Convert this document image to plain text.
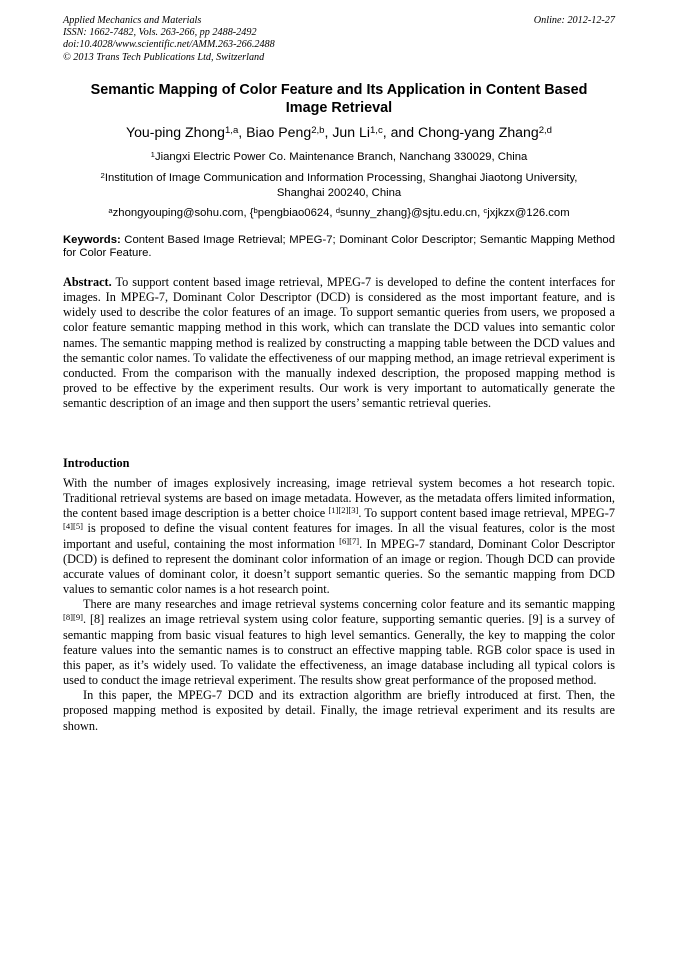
Applied Mechanics and Materials
ISSN: 1662-7482, Vols. 263-266, pp 2488-2492
doi:10.4028/www.scientific.net/AMM.263-266.2488
© 2013 Trans Tech Publications Ltd, Switzerland
Online: 2012-12-27
Semantic Mapping of Color Feature and Its Application in Content Based
Image Retrieval
You-ping Zhong$^{1,a}$, Biao Peng$^{2,b}$, Jun Li$^{1,c}$, and Chong-yang Zhang$^{2,d}$
$^1$Jiangxi Electric Power Co. Maintenance Branch, Nanchang 330029, China
$^2$Institution of Image Communication and Information Processing, Shanghai Jiaotong University,
Shanghai 200240, China
$^a$zhongyouping@sohu.com, {$^b$pengbiao0624, $^d$sunny_zhang}@sjtu.edu.cn, $^c$jxjkzx@126.com
Keywords: Content Based Image Retrieval; MPEG-7; Dominant Color Descriptor; Semantic Mapping Method for Color Feature.
Abstract. To support content based image retrieval, MPEG-7 is developed to define the content interfaces for images. In MPEG-7, Dominant Color Descriptor (DCD) is considered as the most important feature, and is widely used to describe the color features of an image. To support semantic queries from users, we proposed a color feature semantic mapping method in this work, which can translate the DCD values into semantic color names. The semantic mapping method is realized by constructing a mapping table between the DCD values and the semantic color names. To validate the effectiveness of our mapping method, an image retrieval experiment is conducted. From the comparison with the manually indexed description, the proposed mapping method is proved to be effective by the experiment results. Our work is very important to automatically generate the semantic description of an image and then support the users’ semantic retrieval queries.
Introduction

With the number of images explosively increasing, image retrieval system becomes a hot research topic. Traditional retrieval systems are based on image metadata. However, as the metadata offers limited information, the content based image description is a better choice [1][2][3]. To support content based image retrieval, MPEG-7 [4][5] is proposed to define the visual content features for images. In all the visual features, color is the most important and useful, containing the most information [6][7]. In MPEG-7 standard, Dominant Color Descriptor (DCD) is defined to represent the dominant color information of an image or region. Though DCD can provide accurate values of dominant color, it doesn’t support semantic queries. So the semantic mapping from DCD values to semantic color names is a hot research point.

There are many researches and image retrieval systems concerning color feature and its semantic mapping [8][9]. [8] realizes an image retrieval system using color feature, supporting semantic queries. [9] is a survey of semantic mapping from basic visual features to high level semantics. Generally, the key to mapping the color feature values into the semantic names is to construct an effective mapping table. RGB color space is used in this paper, as it’s widely used. To validate the effectiveness, an image database including all typical colors is used to conduct the image retrieval experiment. The results show great performance of the proposed method.

In this paper, the MPEG-7 DCD and its extraction algorithm are briefly introduced at first. Then, the proposed mapping method is exposited by detail. Finally, the image retrieval experiment and its results are shown.
